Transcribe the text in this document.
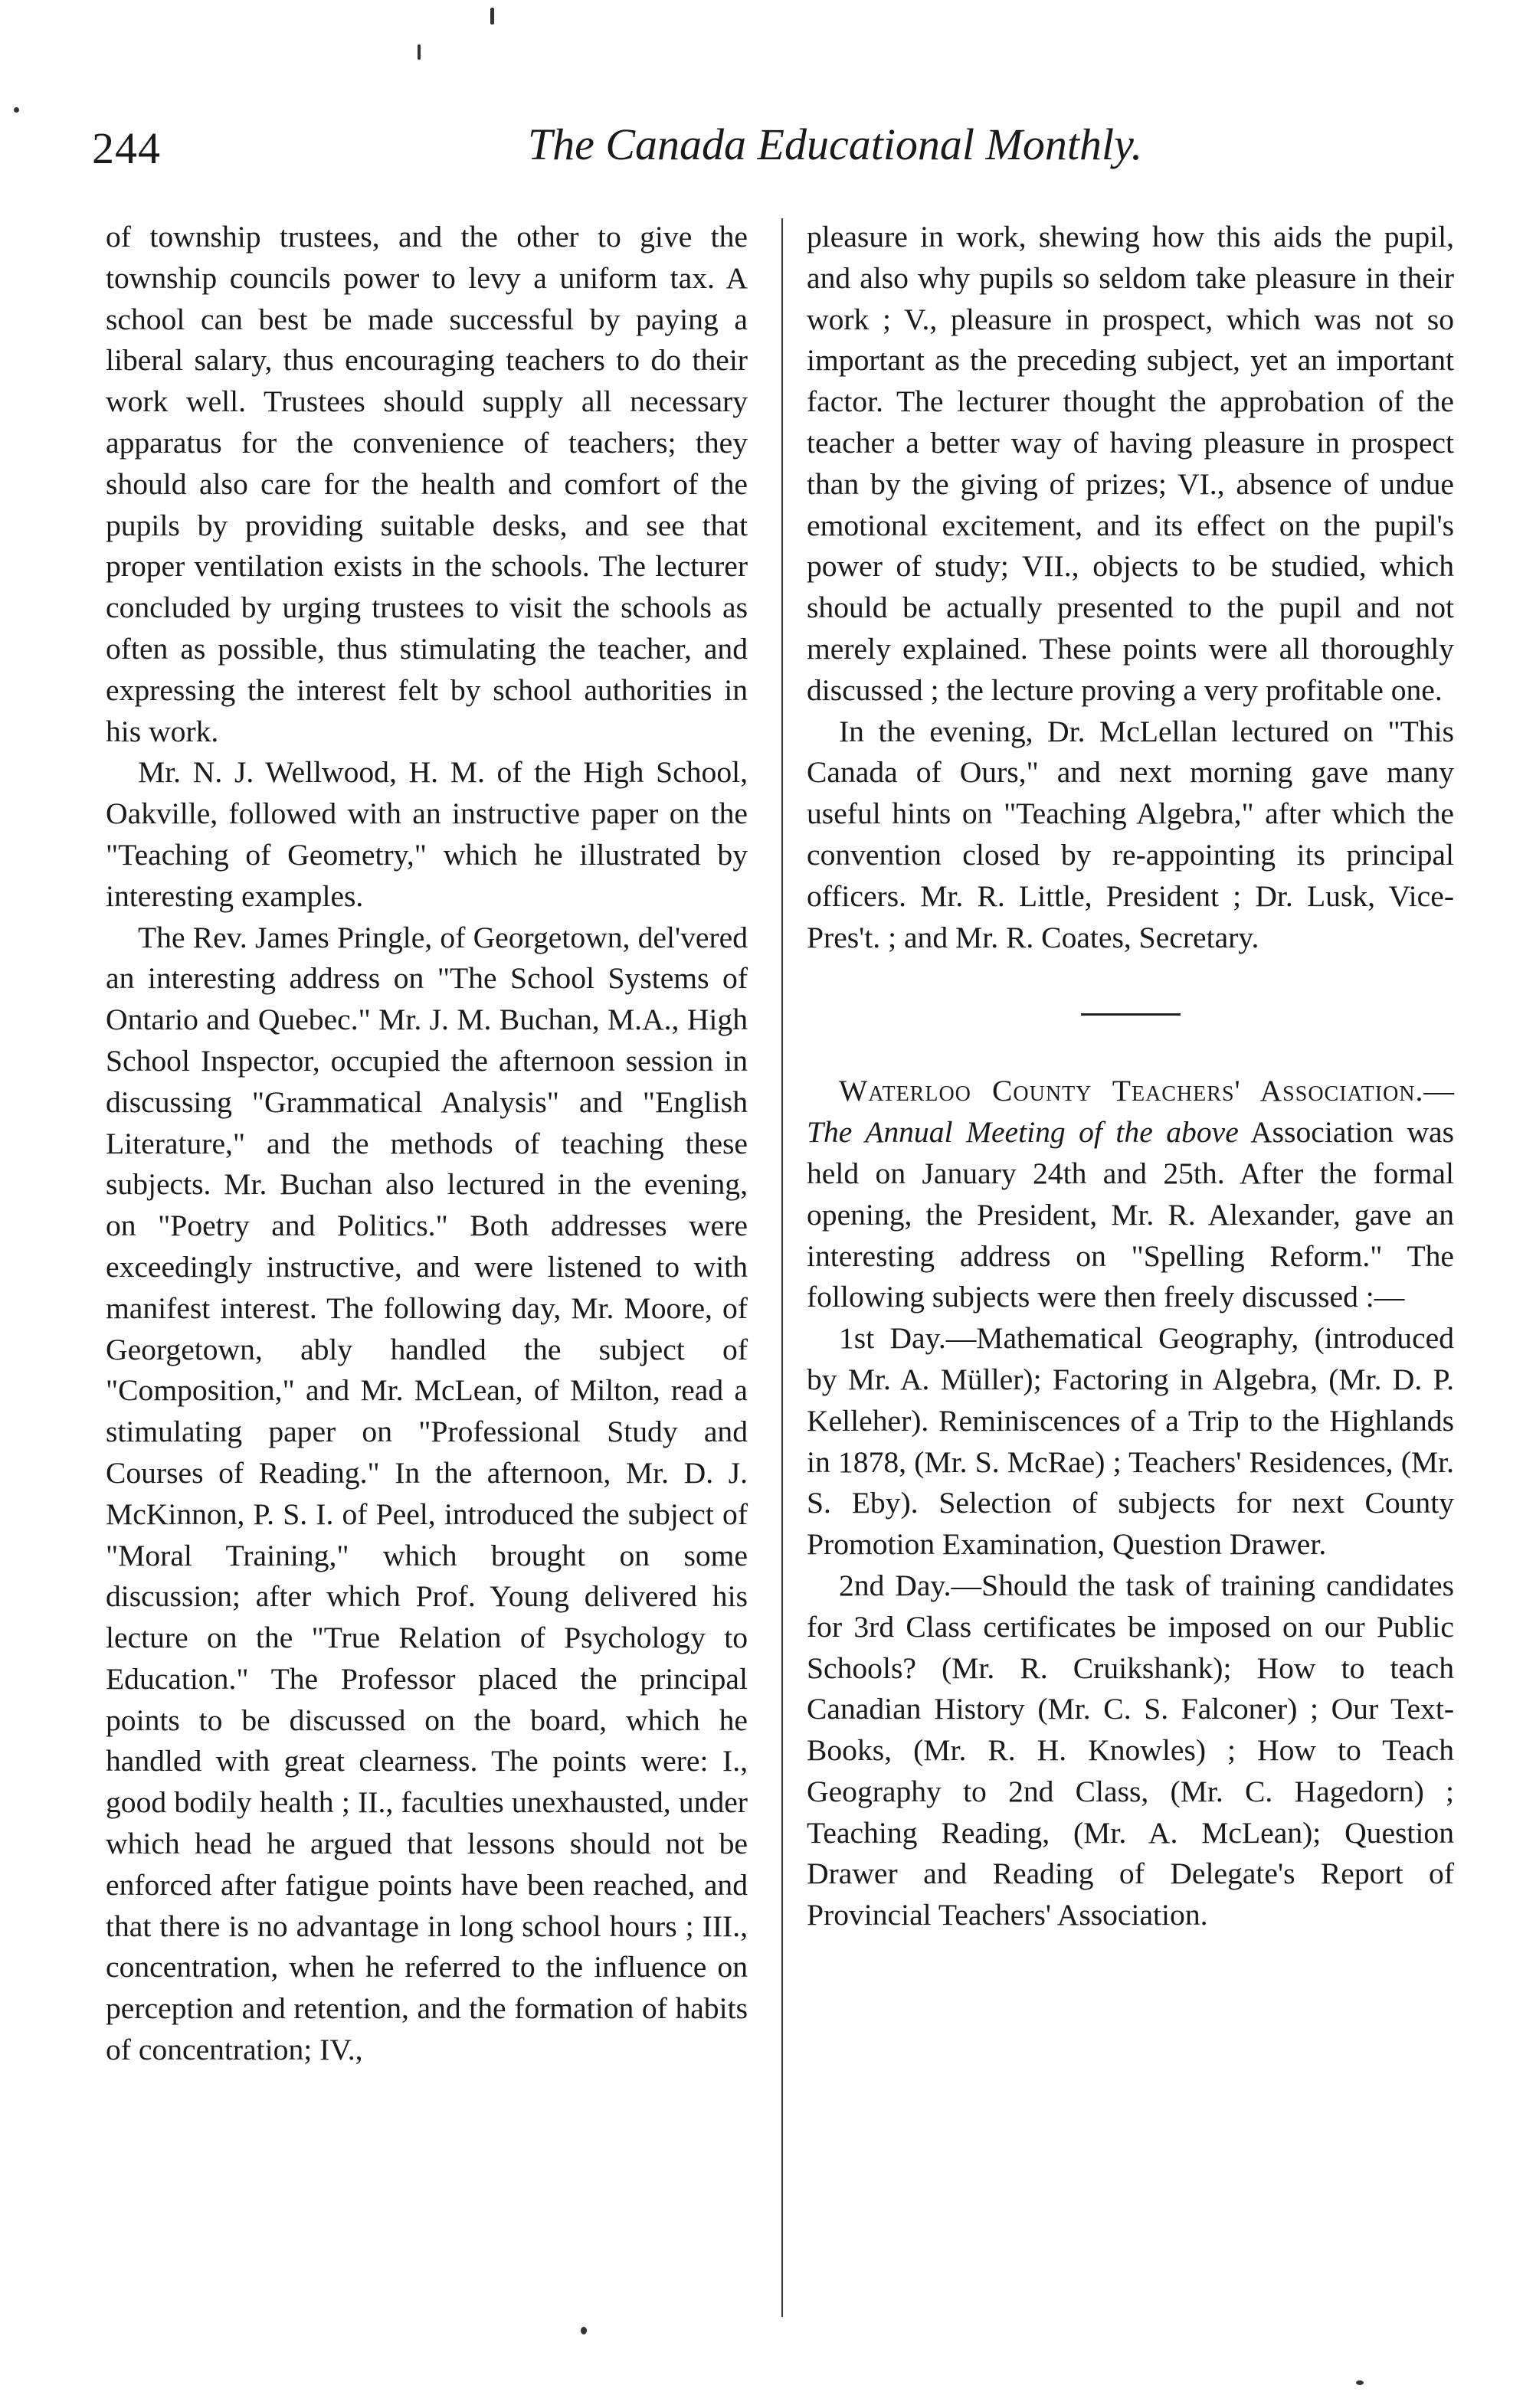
244	The Canada Educational Monthly.

of township trustees, and the other to give the township councils power to levy a uniform tax. A school can best be made successful by paying a liberal salary, thus encouraging teachers to do their work well. Trustees should supply all necessary apparatus for the convenience of teachers; they should also care for the health and comfort of the pupils by providing suitable desks, and see that proper ventilation exists in the schools. The lecturer concluded by urging trustees to visit the schools as often as possible, thus stimulating the teacher, and expressing the interest felt by school authorities in his work.

Mr. N. J. Wellwood, H. M. of the High School, Oakville, followed with an instructive paper on the "Teaching of Geometry," which he illustrated by interesting examples.

The Rev. James Pringle, of Georgetown, del'vered an interesting address on "The School Systems of Ontario and Quebec." Mr. J. M. Buchan, M.A., High School Inspector, occupied the afternoon session in discussing "Grammatical Analysis" and "English Literature," and the methods of teaching these subjects. Mr. Buchan also lectured in the evening, on "Poetry and Politics." Both addresses were exceedingly instructive, and were listened to with manifest interest. The following day, Mr. Moore, of Georgetown, ably handled the subject of "Composition," and Mr. McLean, of Milton, read a stimulating paper on "Professional Study and Courses of Reading." In the afternoon, Mr. D. J. McKinnon, P. S. I. of Peel, introduced the subject of "Moral Training," which brought on some discussion; after which Prof. Young delivered his lecture on the "True Relation of Psychology to Education." The Professor placed the principal points to be discussed on the board, which he handled with great clearness. The points were: I., good bodily health ; II., faculties unexhausted, under which head he argued that lessons should not be enforced after fatigue points have been reached, and that there is no advantage in long school hours ; III., concentration, when he referred to the influence on perception and retention, and the formation of habits of concentration; IV.,

pleasure in work, shewing how this aids the pupil, and also why pupils so seldom take pleasure in their work ; V., pleasure in prospect, which was not so important as the preceding subject, yet an important factor. The lecturer thought the approbation of the teacher a better way of having pleasure in prospect than by the giving of prizes; VI., absence of undue emotional excitement, and its effect on the pupil's power of study; VII., objects to be studied, which should be actually presented to the pupil and not merely explained. These points were all thoroughly discussed ; the lecture proving a very profitable one.

In the evening, Dr. McLellan lectured on "This Canada of Ours," and next morning gave many useful hints on "Teaching Algebra," after which the convention closed by re-appointing its principal officers. Mr. R. Little, President ; Dr. Lusk, Vice-Pres't. ; and Mr. R. Coates, Secretary.

Waterloo County Teachers' Association.—The Annual Meeting of the above Association was held on January 24th and 25th. After the formal opening, the President, Mr. R. Alexander, gave an interesting address on "Spelling Reform." The following subjects were then freely discussed :—

1st Day.—Mathematical Geography, (introduced by Mr. A. Müller); Factoring in Algebra, (Mr. D. P. Kelleher). Reminiscences of a Trip to the Highlands in 1878, (Mr. S. McRae) ; Teachers' Residences, (Mr. S. Eby). Selection of subjects for next County Promotion Examination, Question Drawer.

2nd Day.—Should the task of training candidates for 3rd Class certificates be imposed on our Public Schools? (Mr. R. Cruikshank); How to teach Canadian History (Mr. C. S. Falconer) ; Our Text-Books, (Mr. R. H. Knowles) ; How to Teach Geography to 2nd Class, (Mr. C. Hagedorn) ; Teaching Reading, (Mr. A. McLean); Question Drawer and Reading of Delegate's Report of Provincial Teachers' Association.
